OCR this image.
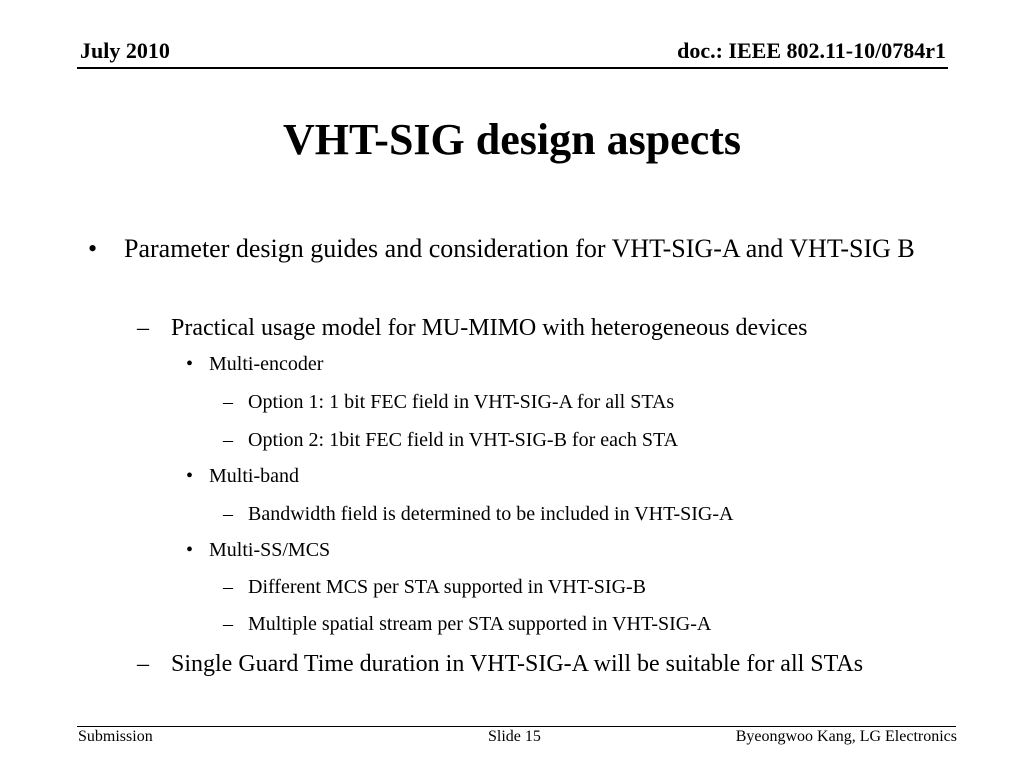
July 2010	doc.: IEEE 802.11-10/0784r1
VHT-SIG design aspects
•	Parameter design guides and consideration for VHT-SIG-A and VHT-SIG B
– Practical usage model for MU-MIMO with heterogeneous devices
• Multi-encoder
– Option 1: 1 bit FEC field in VHT-SIG-A for all STAs
– Option 2: 1bit FEC field in VHT-SIG-B for each STA
• Multi-band
– Bandwidth field is determined to be included in VHT-SIG-A
• Multi-SS/MCS
– Different MCS per STA supported in VHT-SIG-B
– Multiple spatial stream per STA supported in VHT-SIG-A
– Single Guard Time duration in VHT-SIG-A will be suitable for all STAs
Submission	Slide 15	Byeongwoo Kang, LG Electronics
